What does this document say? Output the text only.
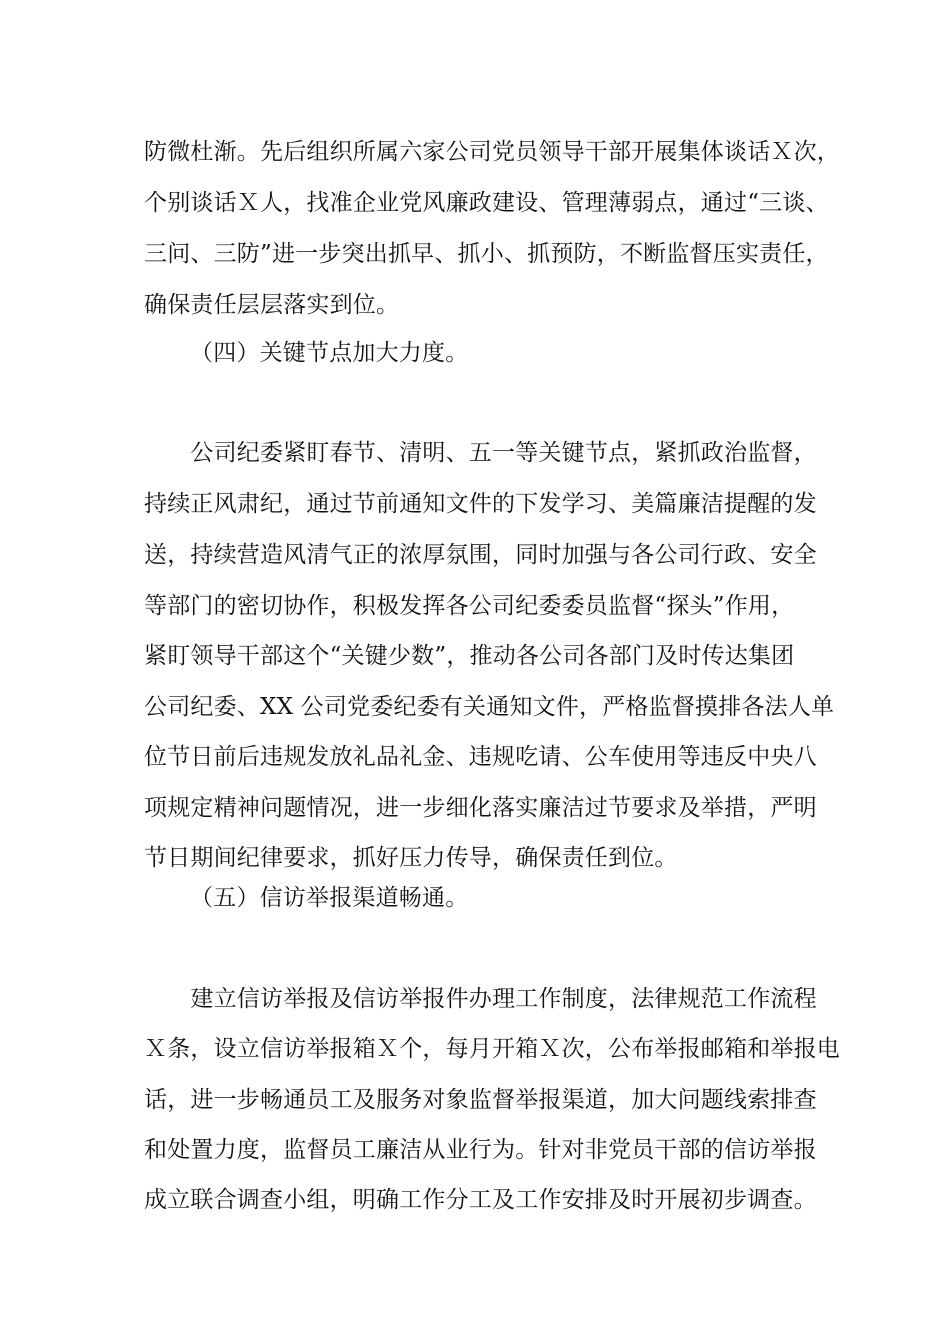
防微杜渐。先后组织所属六家公司党员领导干部开展集体谈话Ｘ次，
个别谈话Ｘ人，找准企业党风廉政建设、管理薄弱点，通过“三谈、
三问、三防”进一步突出抓早、抓小、抓预防，不断监督压实责任，
确保责任层层落实到位。
（四）关键节点加大力度。
　　公司纪委紧盯春节、清明、五一等关键节点，紧抓政治监督，
持续正风肃纪，通过节前通知文件的下发学习、美篇廉洁提醒的发
送，持续营造风清气正的浓厚氛围，同时加强与各公司行政、安全
等部门的密切协作，积极发挥各公司纪委委员监督“探头”作用，
紧盯领导干部这个“关键少数”，推动各公司各部门及时传达集团
公司纪委、XX 公司党委纪委有关通知文件，严格监督摸排各法人单
位节日前后违规发放礼品礼金、违规吃请、公车使用等违反中央八
项规定精神问题情况，进一步细化落实廉洁过节要求及举措，严明
节日期间纪律要求，抓好压力传导，确保责任到位。
（五）信访举报渠道畅通。
　　建立信访举报及信访举报件办理工作制度，法律规范工作流程
Ｘ条，设立信访举报箱Ｘ个，每月开箱Ｘ次，公布举报邮箱和举报电
话，进一步畅通员工及服务对象监督举报渠道，加大问题线索排查
和处置力度，监督员工廉洁从业行为。针对非党员干部的信访举报
成立联合调查小组，明确工作分工及工作安排及时开展初步调查。
